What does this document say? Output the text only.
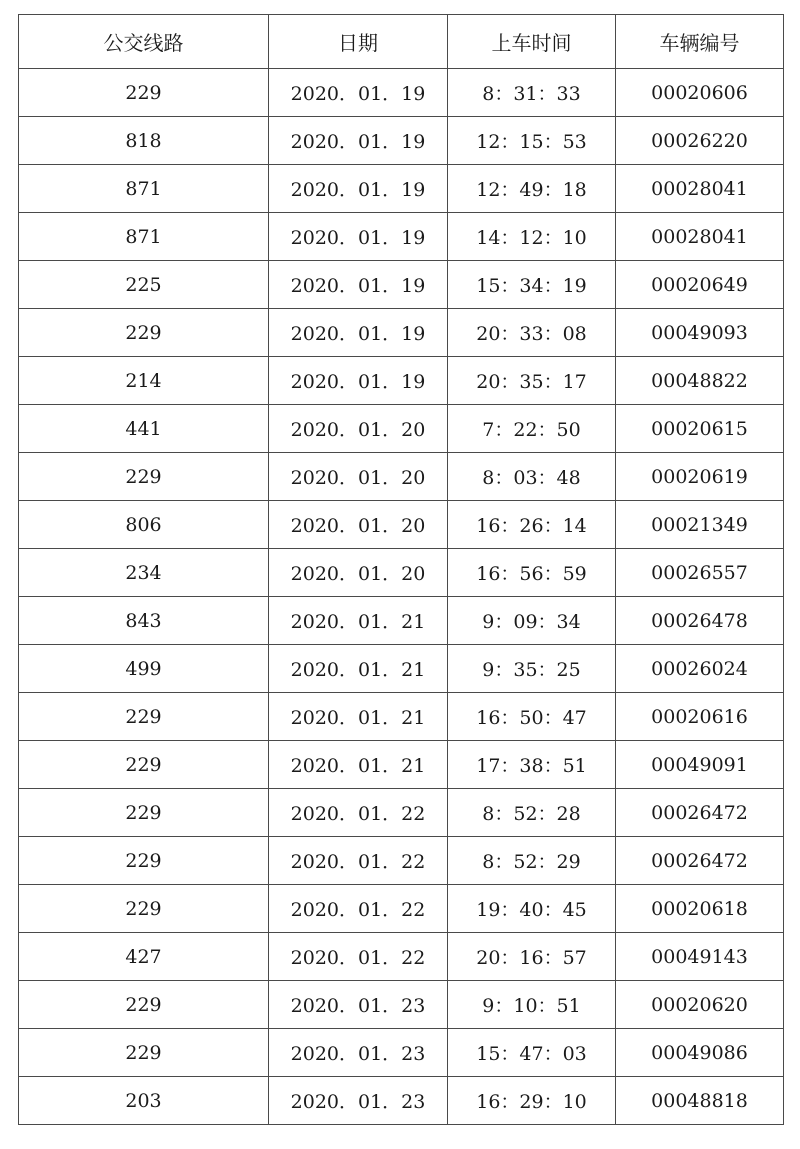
公交线路	日期	上车时间	车辆编号
229	2020．01．19	8：31：33	00020606
818	2020．01．19	12：15：53	00026220
871	2020．01．19	12：49：18	00028041
871	2020．01．19	14：12：10	00028041
225	2020．01．19	15：34：19	00020649
229	2020．01．19	20：33：08	00049093
214	2020．01．19	20：35：17	00048822
441	2020．01．20	7：22：50	00020615
229	2020．01．20	8：03：48	00020619
806	2020．01．20	16：26：14	00021349
234	2020．01．20	16：56：59	00026557
843	2020．01．21	9：09：34	00026478
499	2020．01．21	9：35：25	00026024
229	2020．01．21	16：50：47	00020616
229	2020．01．21	17：38：51	00049091
229	2020．01．22	8：52：28	00026472
229	2020．01．22	8：52：29	00026472
229	2020．01．22	19：40：45	00020618
427	2020．01．22	20：16：57	00049143
229	2020．01．23	9：10：51	00020620
229	2020．01．23	15：47：03	00049086
203	2020．01．23	16：29：10	00048818
